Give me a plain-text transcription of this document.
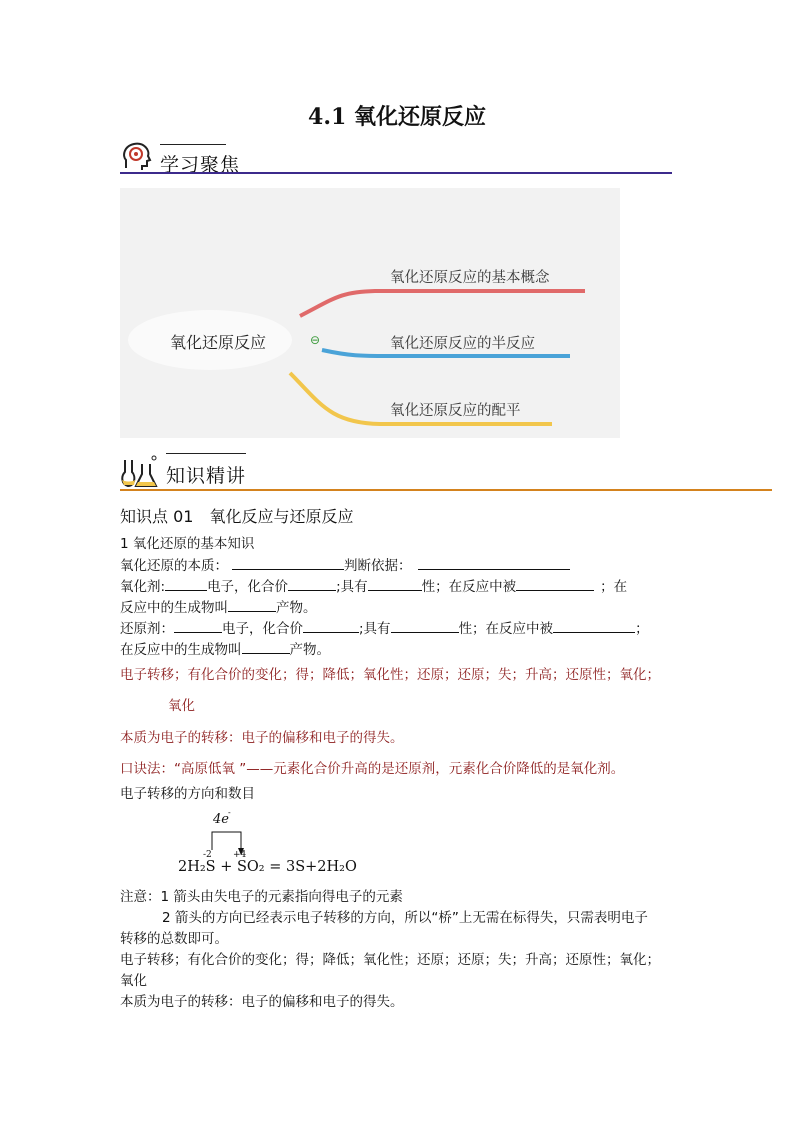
4.1 氧化还原反应
学习聚焦
氧化还原反应	⊖
氧化还原反应的基本概念
氧化还原反应的半反应
氧化还原反应的配平
知识精讲
知识点 01　氧化反应与还原反应
1 氧化还原的基本知识
氧化还原的本质：	判断依据：
氧化剂:	电子，化合价	;具有	性；在反应中被	；在
反应中的生成物叫	产物。
还原剂：	电子，化合价	;具有	性；在反应中被	；
在反应中的生成物叫	产物。
电子转移；有化合价的变化；得；降低；氧化性；还原；还原；失；升高；还原性；氧化；
氧化
本质为电子的转移：电子的偏移和电子的得失。
口诀法：“高原低氧 ”——元素化合价升高的是还原剂，元素化合价降低的是氧化剂。
电子转移的方向和数目
4e -
-2 +4
2H₂S + SO₂ = 3S+2H₂O
注意：1 箭头由失电子的元素指向得电子的元素
2 箭头的方向已经表示电子转移的方向，所以“桥”上无需在标得失，只需表明电子
转移的总数即可。
电子转移；有化合价的变化；得；降低；氧化性；还原；还原；失；升高；还原性；氧化；
氧化
本质为电子的转移：电子的偏移和电子的得失。
